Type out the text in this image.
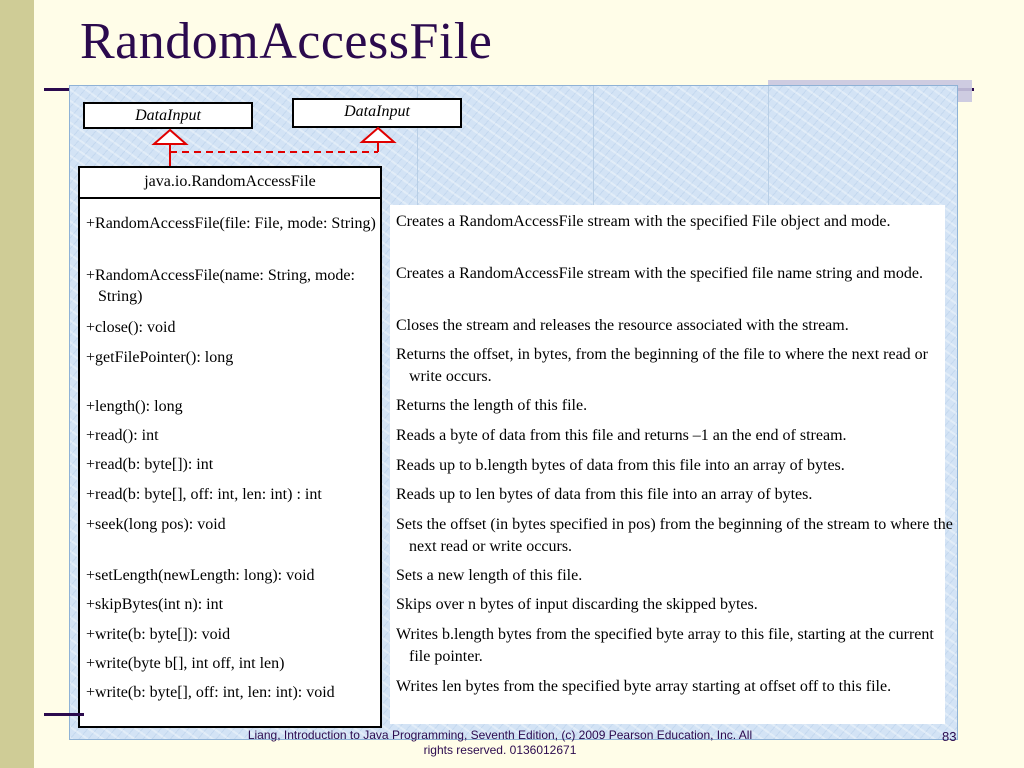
RandomAccessFile
DataInput	DataInput
java.io.RandomAccessFile
+RandomAccessFile(file: File, mode: String)
+RandomAccessFile(name: String, mode: String)
+close(): void
+getFilePointer(): long
+length(): long
+read(): int
+read(b: byte[]): int
+read(b: byte[], off: int, len: int) : int
+seek(long pos): void
+setLength(newLength: long): void
+skipBytes(int n): int
+write(b: byte[]): void
+write(byte b[], int off, int len)
+write(b: byte[], off: int, len: int): void
Creates a RandomAccessFile stream with the specified File object and mode.
Creates a RandomAccessFile stream with the specified file name string and mode.
Closes the stream and releases the resource associated with the stream.
Returns the offset, in bytes, from the beginning of the file to where the next read or write occurs.
Returns the length of this file.
Reads a byte of data from this file and returns –1 an the end of stream.
Reads up to b.length bytes of data from this file into an array of bytes.
Reads up to len bytes of data from this file into an array of bytes.
Sets the offset (in bytes specified in pos) from the beginning of the stream to where the next read or write occurs.
Sets a new length of this file.
Skips over n bytes of input discarding the skipped bytes.
Writes b.length bytes from the specified byte array to this file, starting at the current file pointer.
Writes len bytes from the specified byte array starting at offset off to this file.
Liang, Introduction to Java Programming, Seventh Edition, (c) 2009 Pearson Education, Inc. All
rights reserved. 0136012671
83
